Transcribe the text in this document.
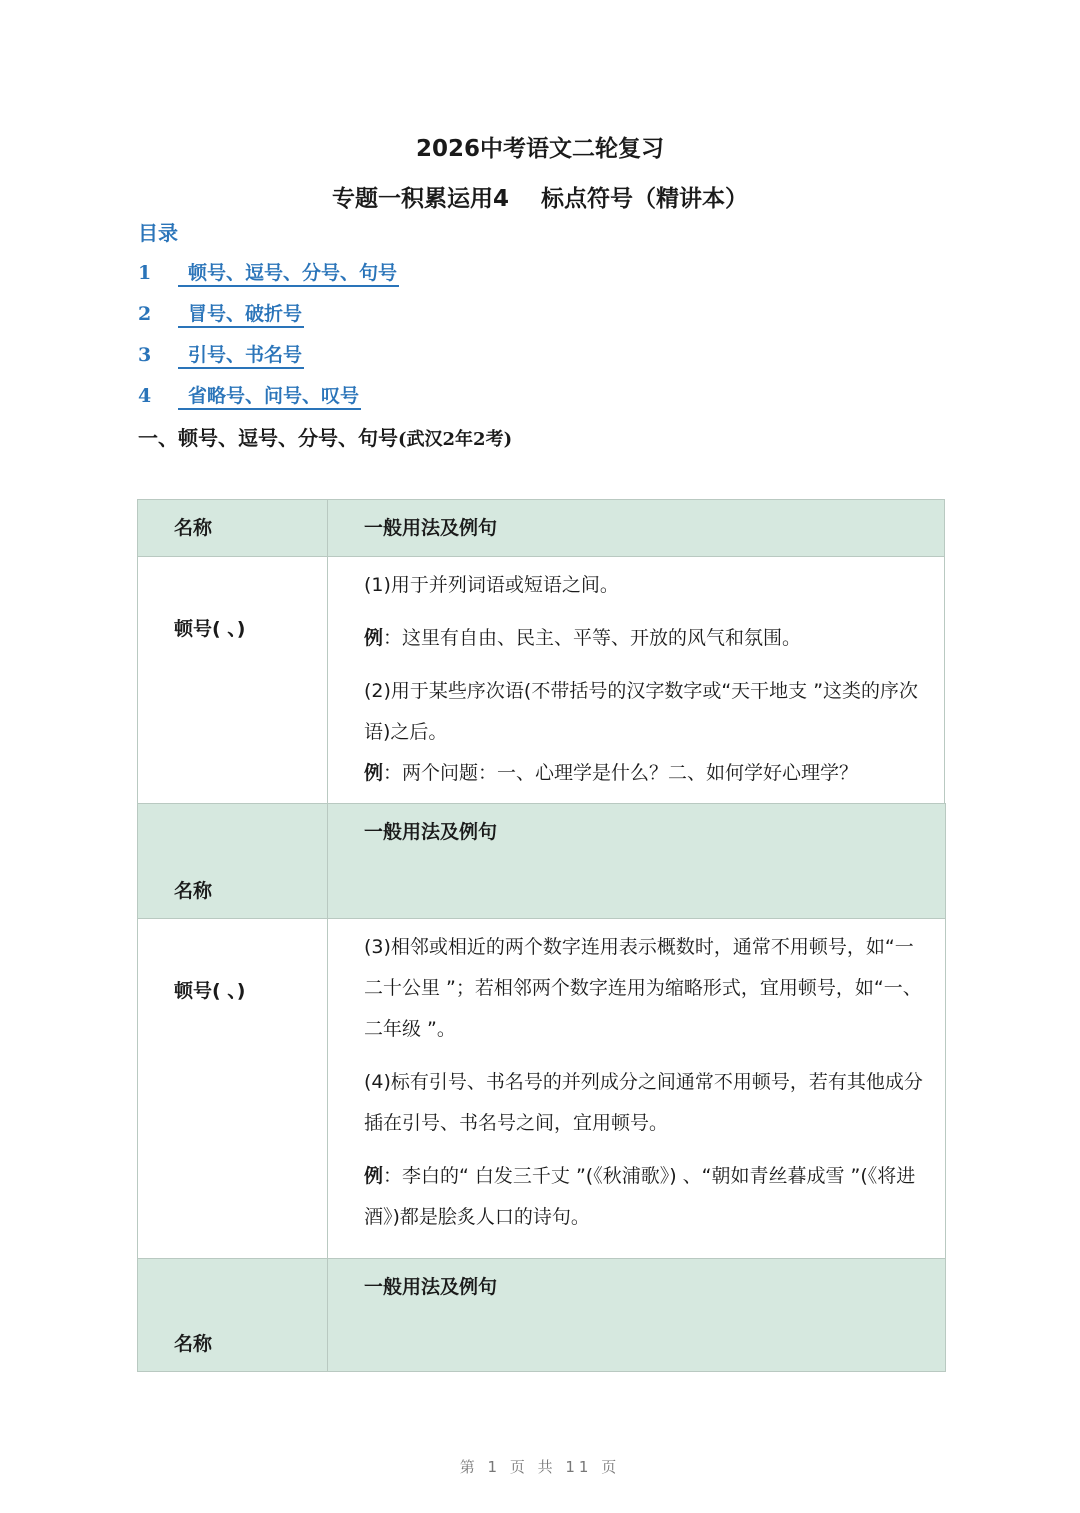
2026中考语文二轮复习
专题一积累运用4    标点符号（精讲本）
目录
1 顿号、逗号、分号、句号
2 冒号、破折号
3 引号、书名号
4 省略号、问号、叹号
一、顿号、逗号、分号、句号(武汉2年2考)
名称	一般用法及例句
顿号( 、)	(1)用于并列词语或短语之间。

例：这里有自由、民主、平等、开放的风气和氛围。

(2)用于某些序次语(不带括号的汉字数字或“天干地支 ”这类的序次语)之后。

例：两个问题：一、心理学是什么？二、如何学好心理学？

名称	一般用法及例句
顿号( 、)	(3)相邻或相近的两个数字连用表示概数时，通常不用顿号，如“一二十公里 ”；若相邻两个数字连用为缩略形式，宜用顿号，如“一、二年级 ”。

(4)标有引号、书名号的并列成分之间通常不用顿号，若有其他成分插在引号、书名号之间，宜用顿号。

例：李白的“ 白发三千丈 ”(《秋浦歌》) 、“朝如青丝暮成雪 ”(《将进酒》)都是脍炙人口的诗句。

名称	一般用法及例句
第 1 页 共 11 页
